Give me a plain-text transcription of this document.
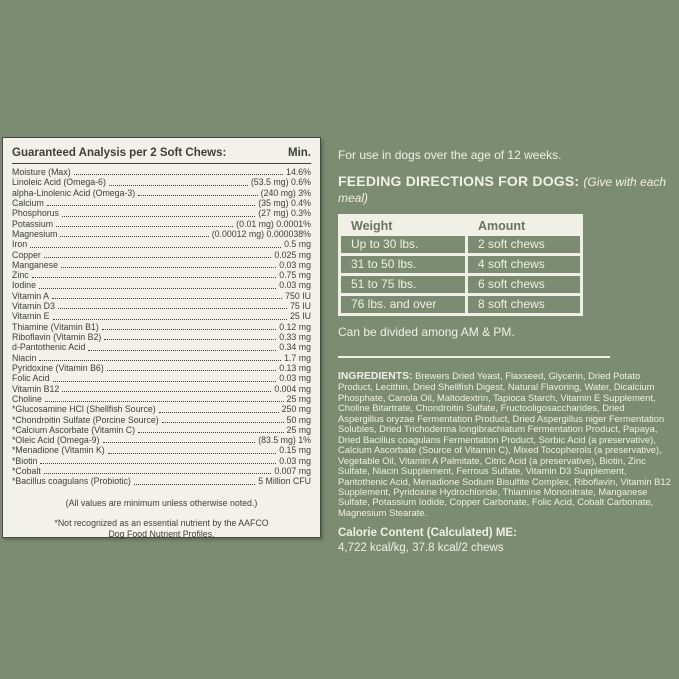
Guaranteed Analysis per 2 Soft Chews:	Min.
Moisture (Max)	14.6%
Linoleic Acid (Omega-6)	(53.5 mg) 0.6%
alpha-Linolenic Acid (Omega-3)	(240 mg) 3%
Calcium	(35 mg) 0.4%
Phosphorus	(27 mg) 0.3%
Potassium	(0.01 mg) 0.0001%
Magnesium	(0.00012 mg) 0.000038%
Iron	0.5 mg
Copper	0.025 mg
Manganese	0.03 mg
Zinc	0.75 mg
Iodine	0.03 mg
Vitamin A	750 IU
Vitamin D3	75 IU
Vitamin E	25 IU
Thiamine (Vitamin B1)	0.12 mg
Riboflavin (Vitamin B2)	0.33 mg
d-Pantothenic Acid	0.34 mg
Niacin	1.7 mg
Pyridoxine (Vitamin B6)	0.13 mg
Folic Acid	0.03 mg
Vitamin B12	0.004 mg
Choline	25 mg
*Glucosamine HCl (Shellfish Source)	250 mg
*Chondroitin Sulfate (Porcine Source)	50 mg
*Calcium Ascorbate (Vitamin C)	25 mg
*Oleic Acid (Omega-9)	(83.5 mg) 1%
*Menadione (Vitamin K)	0.15 mg
*Biotin	0.03 mg
*Cobalt	0.007 mg
*Bacillus coagulans (Probiotic)	5 Million CFU

(All values are minimum unless otherwise noted.)

*Not recognized as an essential nutrient by the AAFCO
Dog Food Nutrient Profiles.

For use in dogs over the age of 12 weeks.

FEEDING DIRECTIONS FOR DOGS: (Give with each meal)
Weight	Amount
Up to 30 lbs.	2 soft chews
31 to 50 lbs.	4 soft chews
51 to 75 lbs.	6 soft chews
76 lbs. and over	8 soft chews

Can be divided among AM & PM.

INGREDIENTS: Brewers Dried Yeast, Flaxseed, Glycerin, Dried Potato Product, Lecithin, Dried Shellfish Digest, Natural Flavoring, Water, Dicalcium Phosphate, Canola Oil, Maltodextrin, Tapioca Starch, Vitamin E Supplement, Choline Bitartrate, Chondroitin Sulfate, Fructooligosaccharides, Dried Aspergillus oryzae Fermentation Product, Dried Aspergillus niger Fermentation Solubles, Dried Trichoderma longibrachiatum Fermentation Product, Papaya, Dried Bacillus coagulans Fermentation Product, Sorbic Acid (a preservative), Calcium Ascorbate (Source of Vitamin C), Mixed Tocopherols (a preservative), Vegetable Oil, Vitamin A Palmitate, Citric Acid (a preservative), Biotin, Zinc Sulfate, Niacin Supplement, Ferrous Sulfate, Vitamin D3 Supplement, Pantothenic Acid, Menadione Sodium Bisulfite Complex, Riboflavin, Vitamin B12 Supplement, Pyridoxine Hydrochloride, Thiamine Mononitrate, Manganese Sulfate, Potassium Iodide, Copper Carbonate, Folic Acid, Cobalt Carbonate, Magnesium Stearate.

Calorie Content (Calculated) ME:

4,722 kcal/kg, 37.8 kcal/2 chews
